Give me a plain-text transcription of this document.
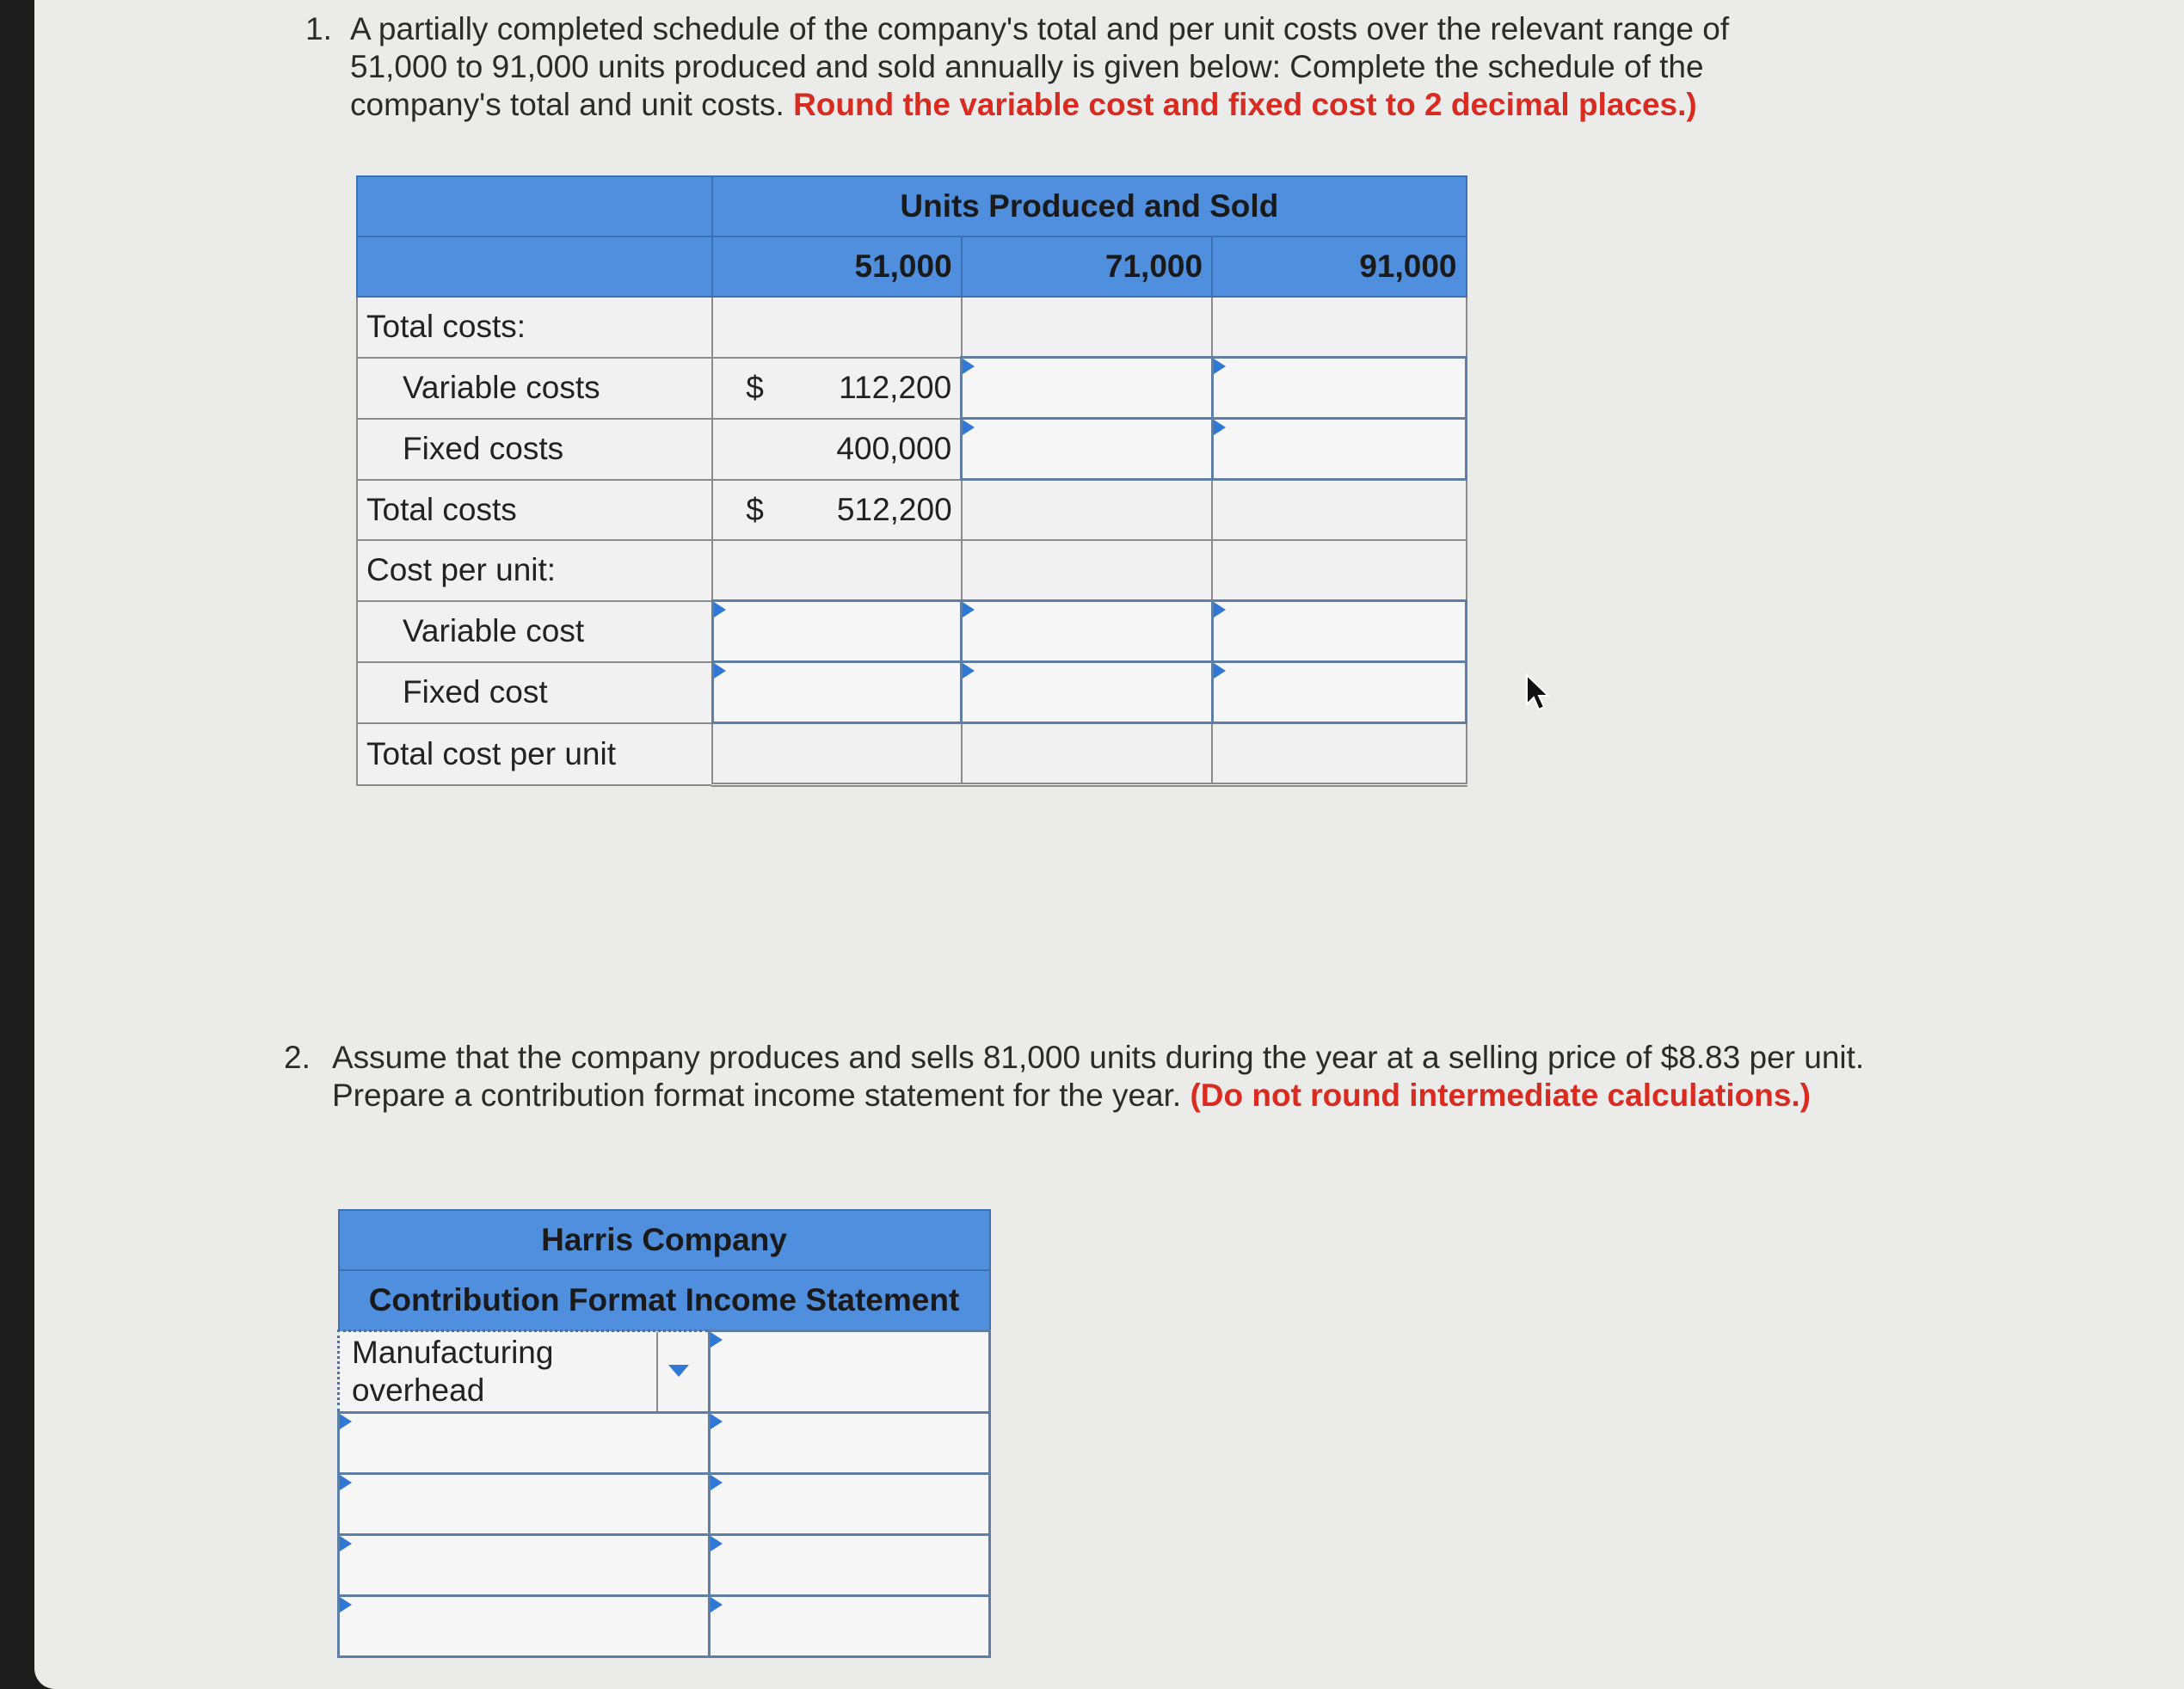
1. A partially completed schedule of the company's total and per unit costs over the relevant range of 51,000 to 91,000 units produced and sold annually is given below: Complete the schedule of the company's total and unit costs. Round the variable cost and fixed cost to 2 decimal places.)
	Units Produced and Sold		
	51,000	71,000	91,000
Total costs:			
Variable costs	$ 112,200		
Fixed costs	400,000		
Total costs	$ 512,200		
Cost per unit:			
Variable cost			
Fixed cost			
Total cost per unit			
2. Assume that the company produces and sells 81,000 units during the year at a selling price of $8.83 per unit. Prepare a contribution format income statement for the year. (Do not round intermediate calculations.)
Harris Company	
Contribution Format Income Statement	

Manufacturing overhead	
